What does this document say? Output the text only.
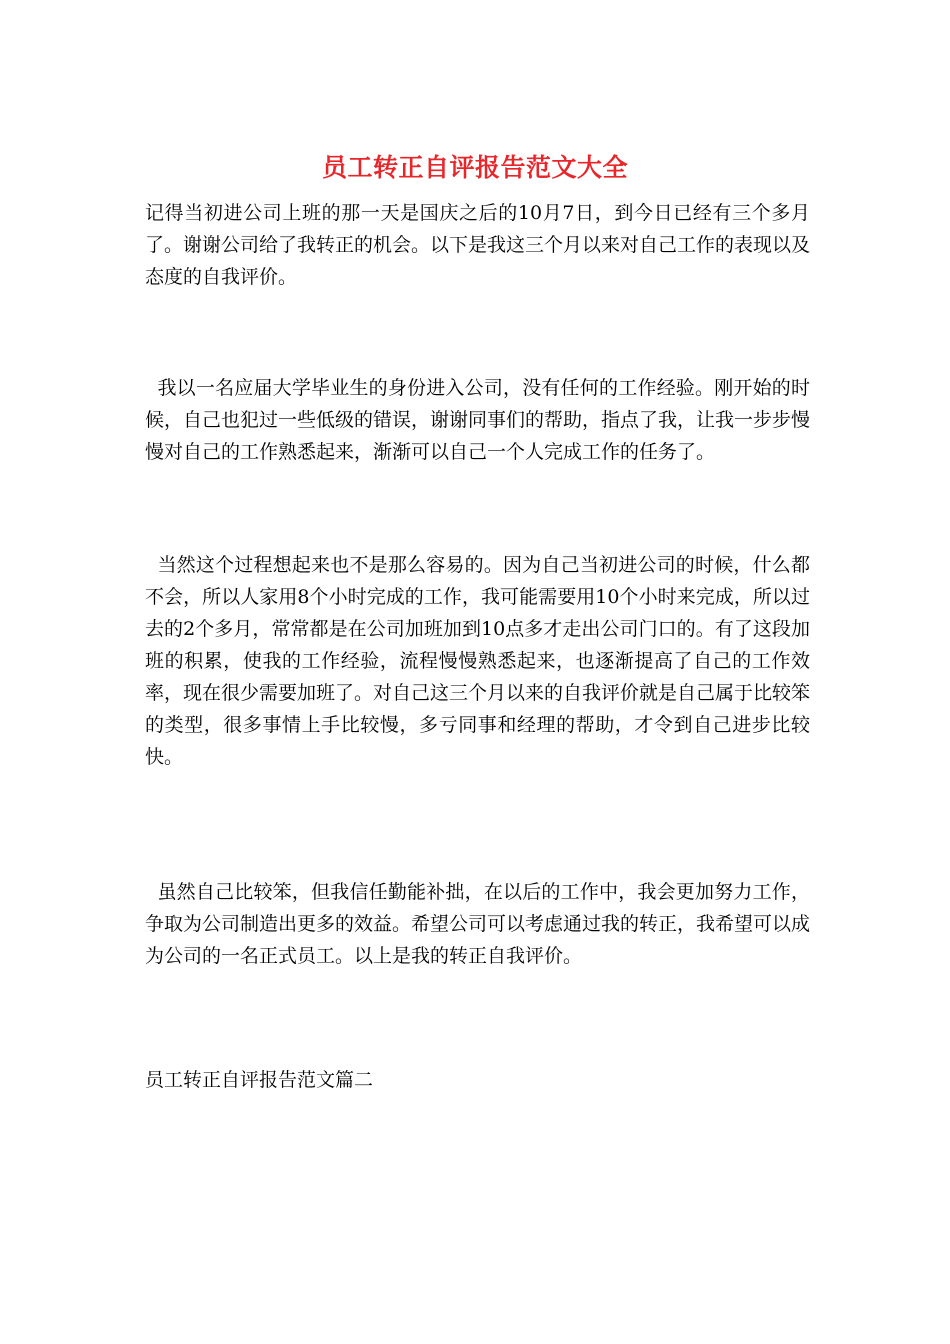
员工转正自评报告范文大全

记得当初进公司上班的那一天是国庆之后的10月7日，到今日已经有三个多月了。谢谢公司给了我转正的机会。以下是我这三个月以来对自己工作的表现以及态度的自我评价。

我以一名应届大学毕业生的身份进入公司，没有任何的工作经验。刚开始的时候，自己也犯过一些低级的错误，谢谢同事们的帮助，指点了我，让我一步步慢慢对自己的工作熟悉起来，渐渐可以自己一个人完成工作的任务了。

当然这个过程想起来也不是那么容易的。因为自己当初进公司的时候，什么都不会，所以人家用8个小时完成的工作，我可能需要用10个小时来完成，所以过去的2个多月，常常都是在公司加班加到10点多才走出公司门口的。有了这段加班的积累，使我的工作经验，流程慢慢熟悉起来，也逐渐提高了自己的工作效率，现在很少需要加班了。对自己这三个月以来的自我评价就是自己属于比较笨的类型，很多事情上手比较慢，多亏同事和经理的帮助，才令到自己进步比较快。

虽然自己比较笨，但我信任勤能补拙，在以后的工作中，我会更加努力工作，争取为公司制造出更多的效益。希望公司可以考虑通过我的转正，我希望可以成为公司的一名正式员工。以上是我的转正自我评价。

员工转正自评报告范文篇二
